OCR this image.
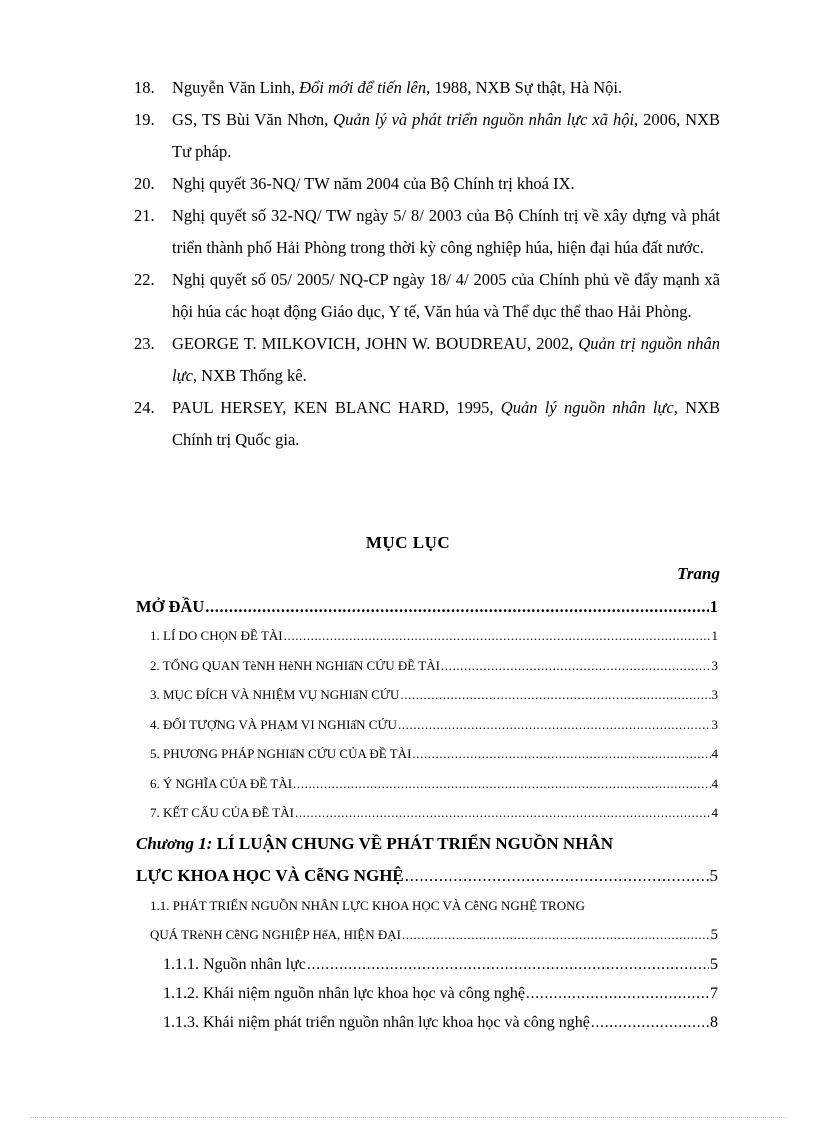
18. Nguyễn Văn Linh, Đổi mới để tiến lên, 1988, NXB Sự thật, Hà Nội.
19. GS, TS Bùi Văn Nhơn, Quản lý và phát triển nguồn nhân lực xã hội, 2006, NXB Tư pháp.
20. Nghị quyết 36-NQ/ TW năm 2004 của Bộ Chính trị khoá IX.
21. Nghị quyết số 32-NQ/ TW ngày 5/ 8/ 2003 của Bộ Chính trị về xây dựng và phát triển thành phố Hải Phòng trong thời kỳ công nghiệp húa, hiện đại húa đất nước.
22. Nghị quyết số 05/ 2005/ NQ-CP ngày 18/ 4/ 2005 của Chính phủ về đẩy mạnh xã hội húa các hoạt động Giáo dục, Y tế, Văn húa và Thể dục thể thao Hải Phòng.
23. GEORGE T. MILKOVICH, JOHN W. BOUDREAU, 2002, Quản trị nguồn nhân lực, NXB Thống kê.
24. PAUL HERSEY, KEN BLANC HARD, 1995, Quản lý nguồn nhân lực, NXB Chính trị Quốc gia.
MỤC LỤC
Trang
MỞ ĐẦU .....	1
1. LÍ DO CHỌN ĐỀ TÀI .....	1
2. TỔNG QUAN TèNH HèNH NGHIấN CỨU ĐỀ TÀI .....	3
3. MỤC ĐÍCH VÀ NHIỆM VỤ NGHIấN CỨU .....	3
4. ĐỐI TƯỢNG VÀ PHẠM VI NGHIấN CỨU .....	3
5. PHƯƠNG PHÁP NGHIấN CỨU CỦA ĐỀ TÀI .....	4
6. Ý NGHĨA CỦA ĐỀ TÀI .....	4
7. KẾT CẤU CỦA ĐỀ TÀI .....	4
Chương 1: LÍ LUẬN CHUNG VỀ PHÁT TRIỂN NGUỒN NHÂN
LỰC KHOA HỌC VÀ CễNG NGHỆ .....	5
1.1. PHÁT TRIỂN NGUỒN NHÂN LỰC KHOA HỌC VÀ CễNG NGHỆ TRONG
QUÁ TRèNH CễNG NGHIỆP HểA, HIỆN ĐẠI .....	5
1.1.1. Nguồn nhân lực .....	5
1.1.2. Khái niệm nguồn nhân lực khoa học và công nghệ .....	7
1.1.3. Khái niệm phát triển nguồn nhân lực khoa học và công nghệ .....	8
